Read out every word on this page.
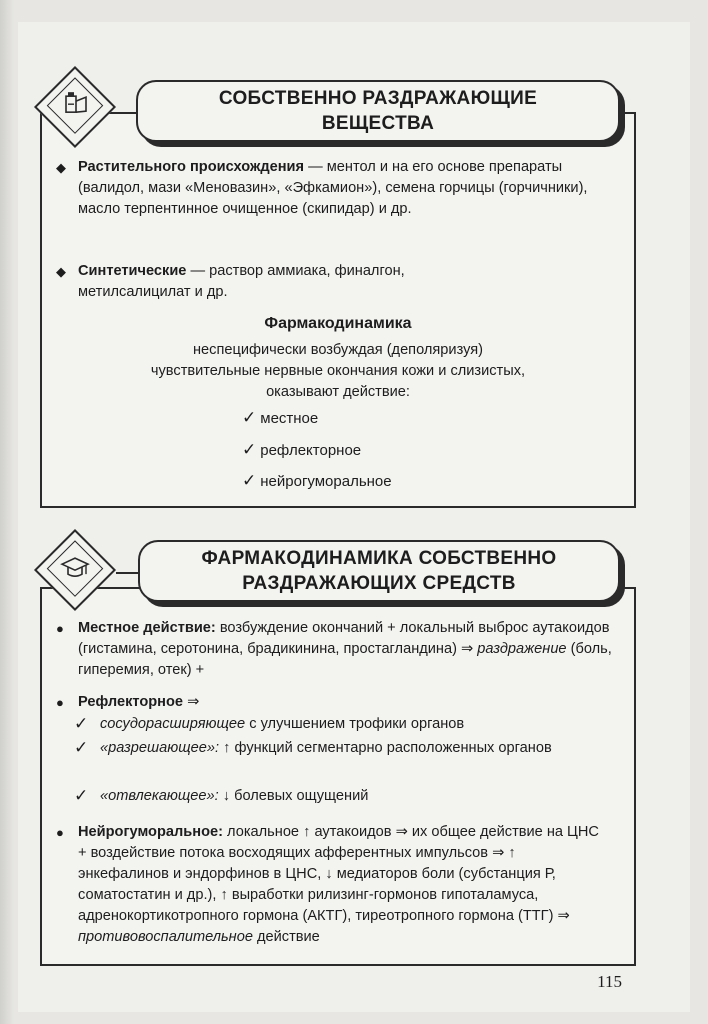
СОБСТВЕННО РАЗДРАЖАЮЩИЕ
ВЕЩЕСТВА
◆ Растительного происхождения — ментол и на его основе препараты (валидол, мази «Меновазин», «Эфкамион»), семена горчицы (горчичники), масло терпентинное очищенное (скипидар) и др.
◆ Синтетические — раствор аммиака, финалгон, метилсалицилат и др.
Фармакодинамика
неспецифически возбуждая (деполяризуя)
чувствительные нервные окончания кожи и слизистых,
оказывают действие:
✓ местное
✓ рефлекторное
✓ нейрогуморальное
ФАРМАКОДИНАМИКА СОБСТВЕННО
РАЗДРАЖАЮЩИХ СРЕДСТВ
● Местное действие: возбуждение окончаний + локальный выброс аутакоидов (гистамина, серотонина, брадикинина, простагландина) ⇒ раздражение (боль, гиперемия, отек) +
● Рефлекторное ⇒
✓ сосудорасширяющее с улучшением трофики органов
✓ «разрешающее»: ↑ функций сегментарно расположенных органов
✓ «отвлекающее»: ↓ болевых ощущений
● Нейрогуморальное: локальное ↑ аутакоидов ⇒ их общее действие на ЦНС + воздействие потока восходящих афферентных импульсов ⇒ ↑ энкефалинов и эндорфинов в ЦНС, ↓ медиаторов боли (субстанция Р, соматостатин и др.), ↑ выработки рилизинг-гормонов гипоталамуса, адренокортикотропного гормона (АКТГ), тиреотропного гормона (ТТГ) ⇒ противовоспалительное действие
115
